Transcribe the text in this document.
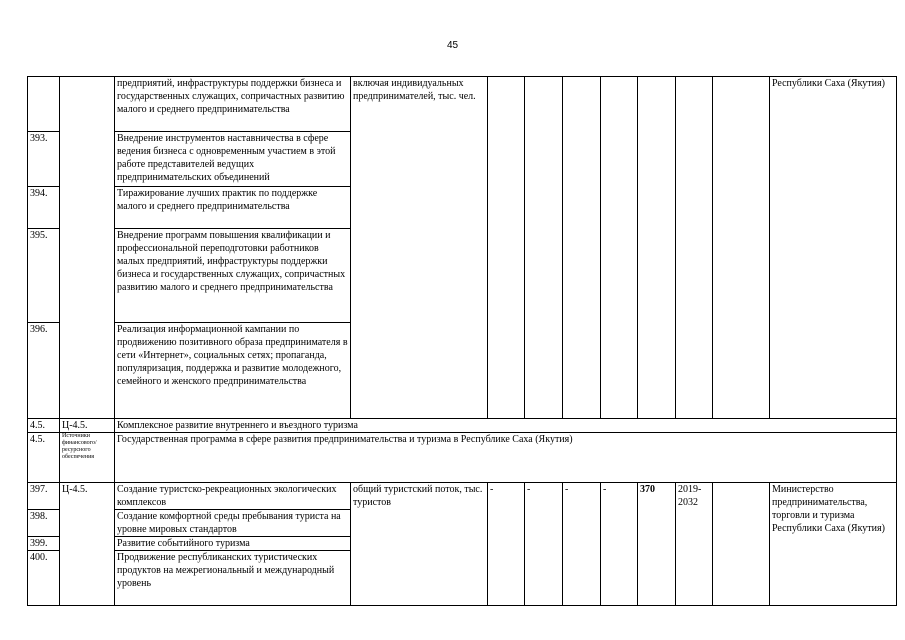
45
		предприятий, инфраструктуры поддержки бизнеса и государственных служащих, сопричастных развитию малого и среднего предпринимательства	включая индивидуальных предпринимателей, тыс. чел.								Республики Саха (Якутия)
393.		Внедрение инструментов наставничества в сфере ведения бизнеса с одновременным участием в этой работе представителей ведущих предпринимательских объединений									
394.		Тиражирование лучших практик по поддержке малого и среднего предпринимательства									
395.		Внедрение программ повышения квалификации и профессиональной переподготовки работников малых предприятий, инфраструктуры поддержки бизнеса и государственных служащих, сопричастных развитию малого и среднего предпринимательства									
396.		Реализация информационной кампании по продвижению позитивного образа предпринимателя в сети «Интернет», социальных сетях; пропаганда, популяризация, поддержка и развитие молодежного, семейного и женского предпринимательства									
4.5.	Ц-4.5.	Комплексное развитие внутреннего и въездного туризма									
4.5.	Источники финансового/ресурсного обеспечения	Государственная программа в сфере развития предпринимательства и туризма в Республике Саха (Якутия)									
397.	Ц-4.5.	Создание туристско-рекреационных экологических комплексов	общий туристский поток, тыс. туристов	-	-	-	-	370	2019-2032		Министерство предпринимательства, торговли и туризма Республики Саха (Якутия)
398.		Создание комфортной среды пребывания туриста на уровне мировых стандартов									
399.		Развитие событийного туризма									
400.		Продвижение республиканских туристических продуктов на межрегиональный и международный уровень									
